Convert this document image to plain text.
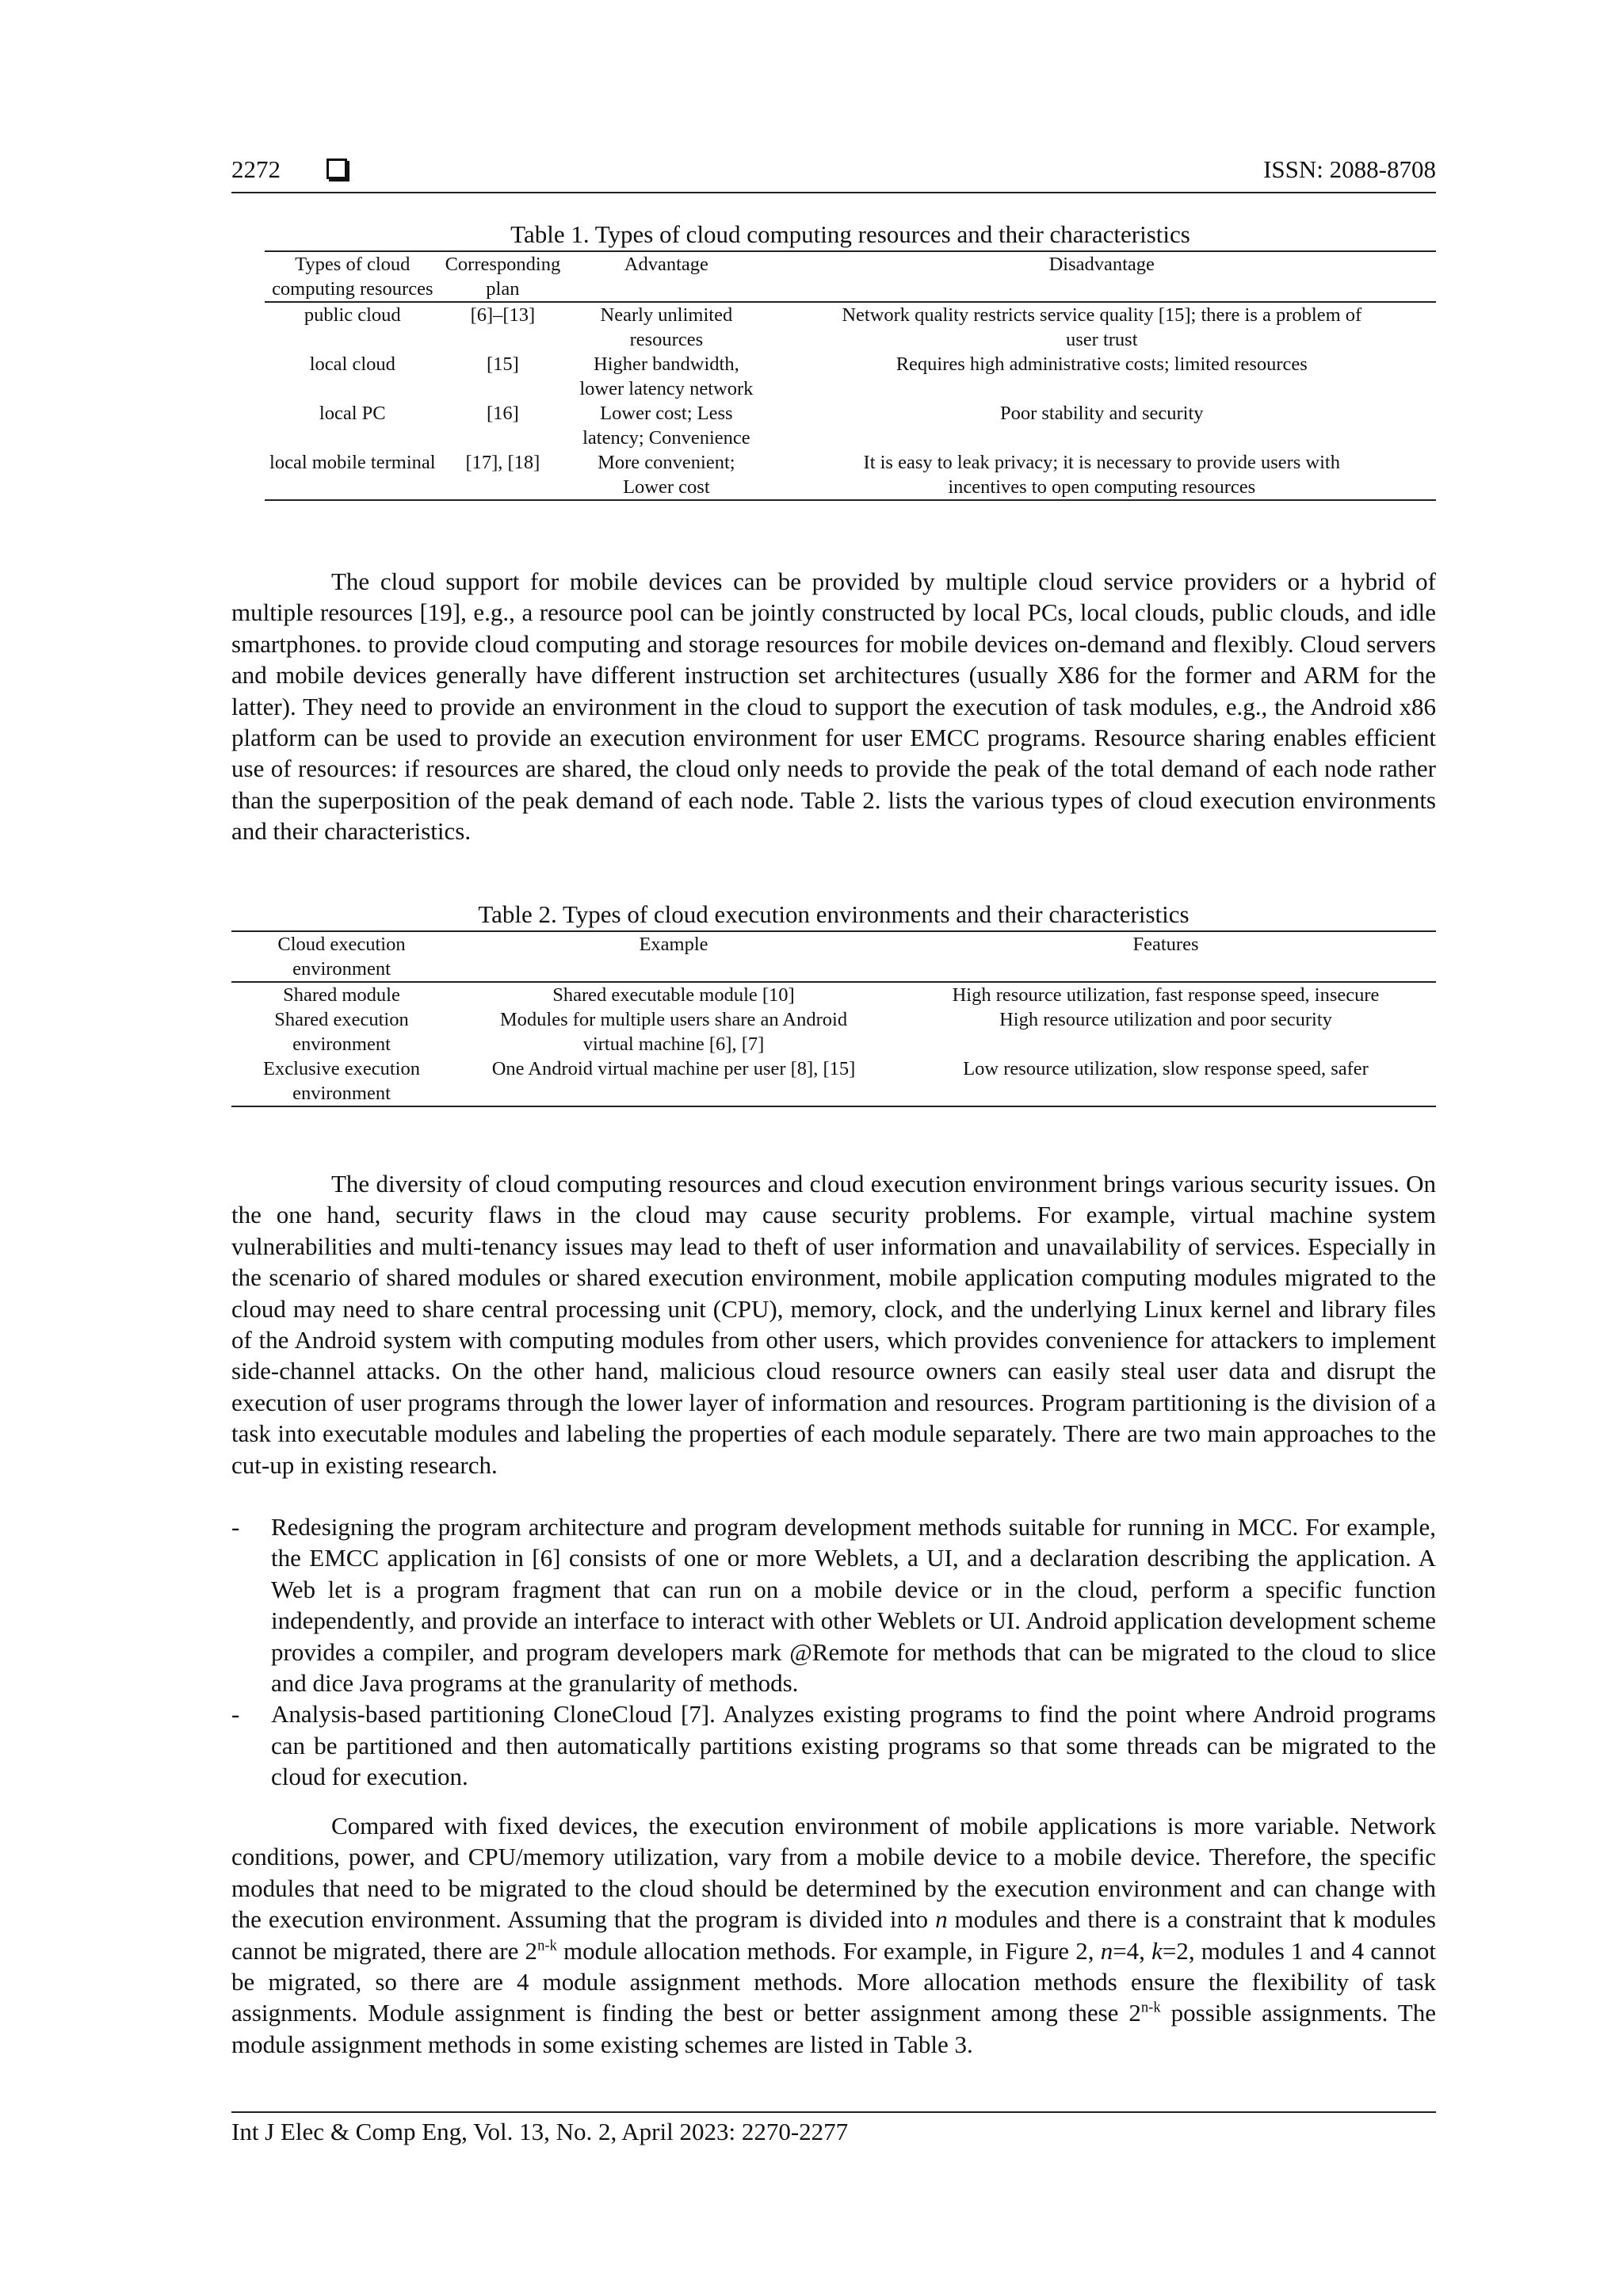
2272	ISSN: 2088-8708
Table 1. Types of cloud computing resources and their characteristics
Types of cloud computing resources	Corresponding plan	Advantage	Disadvantage
public cloud	[6]–[13]	Nearly unlimited resources	Network quality restricts service quality [15]; there is a problem of user trust
local cloud	[15]	Higher bandwidth, lower latency network	Requires high administrative costs; limited resources
local PC	[16]	Lower cost; Less latency; Convenience	Poor stability and security
local mobile terminal	[17], [18]	More convenient; Lower cost	It is easy to leak privacy; it is necessary to provide users with incentives to open computing resources

The cloud support for mobile devices can be provided by multiple cloud service providers or a hybrid of multiple resources [19], e.g., a resource pool can be jointly constructed by local PCs, local clouds, public clouds, and idle smartphones. to provide cloud computing and storage resources for mobile devices on-demand and flexibly. Cloud servers and mobile devices generally have different instruction set architectures (usually X86 for the former and ARM for the latter). They need to provide an environment in the cloud to support the execution of task modules, e.g., the Android x86 platform can be used to provide an execution environment for user EMCC programs. Resource sharing enables efficient use of resources: if resources are shared, the cloud only needs to provide the peak of the total demand of each node rather than the superposition of the peak demand of each node. Table 2. lists the various types of cloud execution environments and their characteristics.

Table 2. Types of cloud execution environments and their characteristics
Cloud execution environment	Example	Features
Shared module	Shared executable module [10]	High resource utilization, fast response speed, insecure
Shared execution environment	Modules for multiple users share an Android virtual machine [6], [7]	High resource utilization and poor security
Exclusive execution environment	One Android virtual machine per user [8], [15]	Low resource utilization, slow response speed, safer

The diversity of cloud computing resources and cloud execution environment brings various security issues. On the one hand, security flaws in the cloud may cause security problems. For example, virtual machine system vulnerabilities and multi-tenancy issues may lead to theft of user information and unavailability of services. Especially in the scenario of shared modules or shared execution environment, mobile application computing modules migrated to the cloud may need to share central processing unit (CPU), memory, clock, and the underlying Linux kernel and library files of the Android system with computing modules from other users, which provides convenience for attackers to implement side-channel attacks. On the other hand, malicious cloud resource owners can easily steal user data and disrupt the execution of user programs through the lower layer of information and resources. Program partitioning is the division of a task into executable modules and labeling the properties of each module separately. There are two main approaches to the cut-up in existing research.

- Redesigning the program architecture and program development methods suitable for running in MCC. For example, the EMCC application in [6] consists of one or more Weblets, a UI, and a declaration describing the application. A Web let is a program fragment that can run on a mobile device or in the cloud, perform a specific function independently, and provide an interface to interact with other Weblets or UI. Android application development scheme provides a compiler, and program developers mark @Remote for methods that can be migrated to the cloud to slice and dice Java programs at the granularity of methods.
- Analysis-based partitioning CloneCloud [7]. Analyzes existing programs to find the point where Android programs can be partitioned and then automatically partitions existing programs so that some threads can be migrated to the cloud for execution.

Compared with fixed devices, the execution environment of mobile applications is more variable. Network conditions, power, and CPU/memory utilization, vary from a mobile device to a mobile device. Therefore, the specific modules that need to be migrated to the cloud should be determined by the execution environment and can change with the execution environment. Assuming that the program is divided into n modules and there is a constraint that k modules cannot be migrated, there are 2$^{n-k}$ module allocation methods. For example, in Figure 2, n=4, k=2, modules 1 and 4 cannot be migrated, so there are 4 module assignment methods. More allocation methods ensure the flexibility of task assignments. Module assignment is finding the best or better assignment among these 2$^{n-k}$ possible assignments. The module assignment methods in some existing schemes are listed in Table 3.

Int J Elec & Comp Eng, Vol. 13, No. 2, April 2023: 2270-2277
